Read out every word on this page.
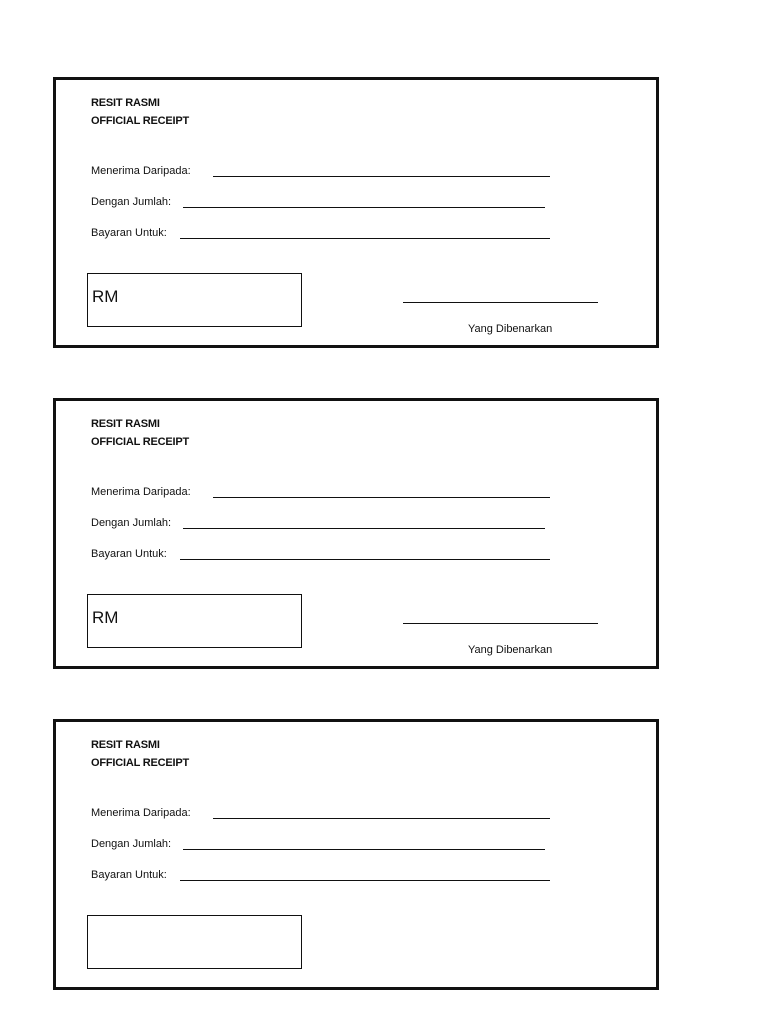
RESIT RASMI
OFFICIAL RECEIPT
Menerima Daripada:
Dengan Jumlah:
Bayaran Untuk:
RM
Yang Dibenarkan
RESIT RASMI
OFFICIAL RECEIPT
Menerima Daripada:
Dengan Jumlah:
Bayaran Untuk:
RM
Yang Dibenarkan
RESIT RASMI
OFFICIAL RECEIPT
Menerima Daripada:
Dengan Jumlah:
Bayaran Untuk:
